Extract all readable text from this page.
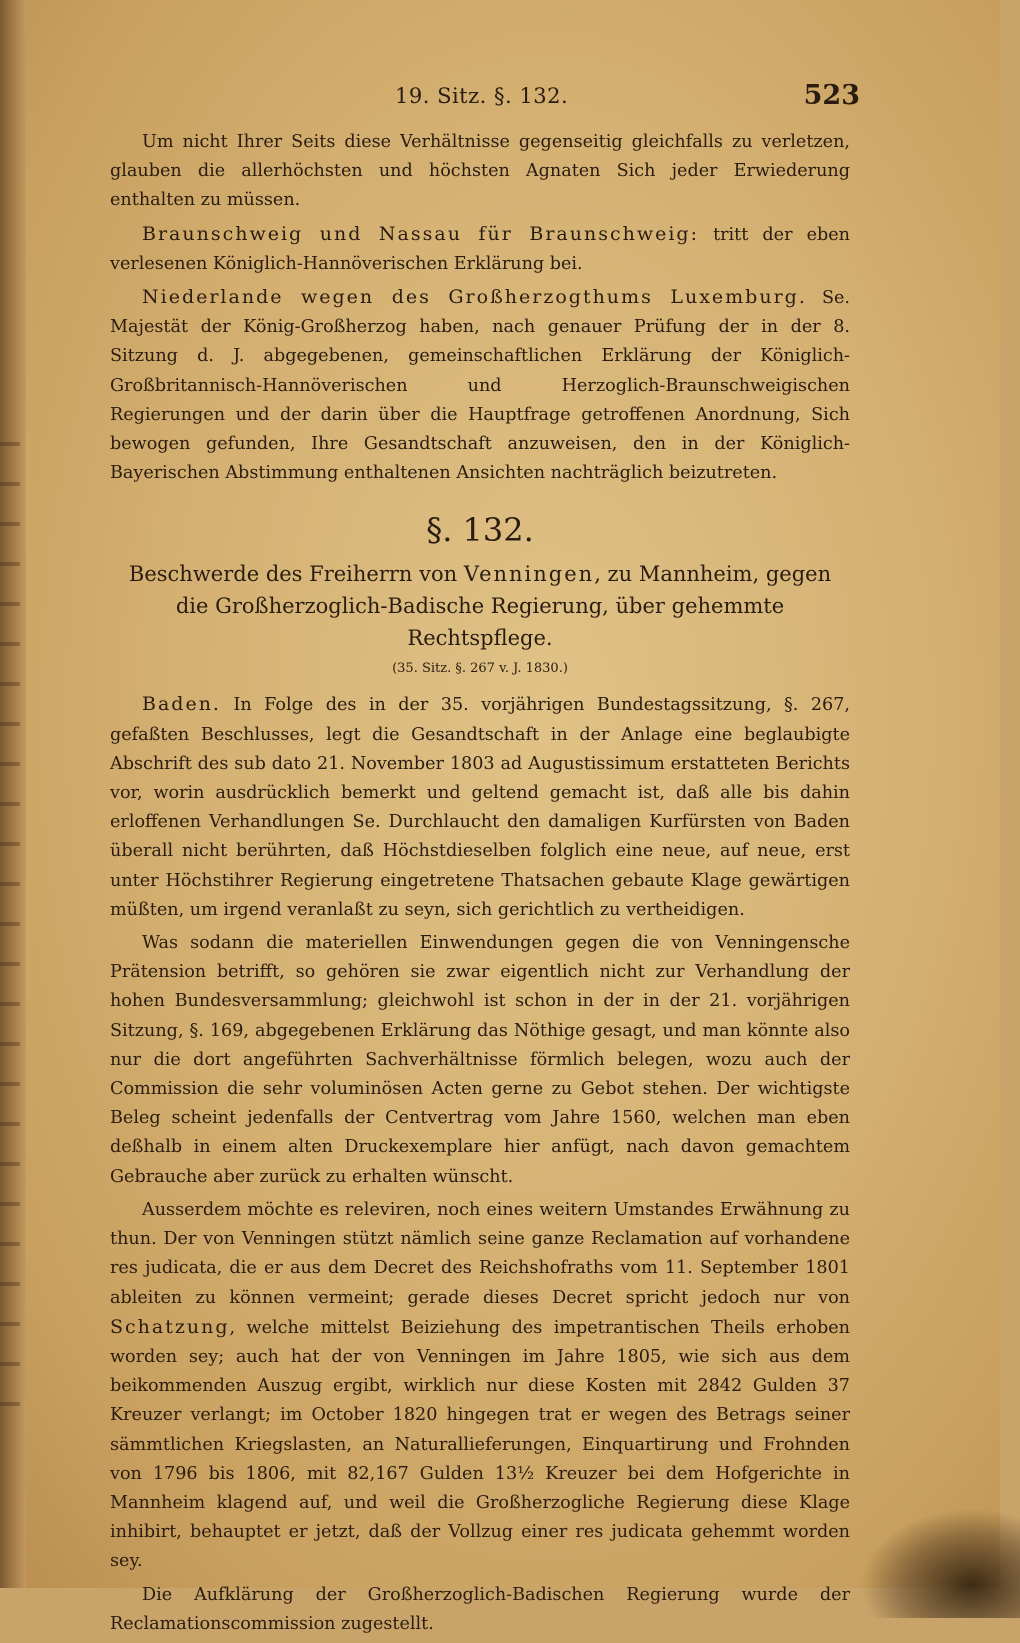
19. Sitz. §. 132.	523

Um nicht Ihrer Seits diese Verhältnisse gegenseitig gleichfalls zu verletzen, glauben die allerhöchsten und höchsten Agnaten Sich jeder Erwiederung enthalten zu müssen.

Braunschweig und Nassau für Braunschweig: tritt der eben verlesenen Königlich-Hannöverischen Erklärung bei.

Niederlande wegen des Großherzogthums Luxemburg. Se. Majestät der König-Großherzog haben, nach genauer Prüfung der in der 8. Sitzung d. J. abgegebenen, gemeinschaftlichen Erklärung der Königlich-Großbritannisch-Hannöverischen und Herzoglich-Braunschweigischen Regierungen und der darin über die Hauptfrage getroffenen Anordnung, Sich bewogen gefunden, Ihre Gesandtschaft anzuweisen, den in der Königlich-Bayerischen Abstimmung enthaltenen Ansichten nachträglich beizutreten.

§. 132.
Beschwerde des Freiherrn von Venningen, zu Mannheim, gegen die Großherzoglich-Badische Regierung, über gehemmte Rechtspflege.
(35. Sitz. §. 267 v. J. 1830.)

Baden. In Folge des in der 35. vorjährigen Bundestagssitzung, §. 267, gefaßten Beschlusses, legt die Gesandtschaft in der Anlage eine beglaubigte Abschrift des sub dato 21. November 1803 ad Augustissimum erstatteten Berichts vor, worin ausdrücklich bemerkt und geltend gemacht ist, daß alle bis dahin erloffenen Verhandlungen Se. Durchlaucht den damaligen Kurfürsten von Baden überall nicht berührten, daß Höchstdieselben folglich eine neue, auf neue, erst unter Höchstihrer Regierung eingetretene Thatsachen gebaute Klage gewärtigen müßten, um irgend veranlaßt zu seyn, sich gerichtlich zu vertheidigen.

Was sodann die materiellen Einwendungen gegen die von Venningensche Prätension betrifft, so gehören sie zwar eigentlich nicht zur Verhandlung der hohen Bundesversammlung; gleichwohl ist schon in der in der 21. vorjährigen Sitzung, §. 169, abgegebenen Erklärung das Nöthige gesagt, und man könnte also nur die dort angeführten Sachverhältnisse förmlich belegen, wozu auch der Commission die sehr voluminösen Acten gerne zu Gebot stehen. Der wichtigste Beleg scheint jedenfalls der Centvertrag vom Jahre 1560, welchen man eben deßhalb in einem alten Druckexemplare hier anfügt, nach davon gemachtem Gebrauche aber zurück zu erhalten wünscht.

Ausserdem möchte es releviren, noch eines weitern Umstandes Erwähnung zu thun. Der von Venningen stützt nämlich seine ganze Reclamation auf vorhandene res judicata, die er aus dem Decret des Reichshofraths vom 11. September 1801 ableiten zu können vermeint; gerade dieses Decret spricht jedoch nur von Schatzung, welche mittelst Beiziehung des impetrantischen Theils erhoben worden sey; auch hat der von Venningen im Jahre 1805, wie sich aus dem beikommenden Auszug ergibt, wirklich nur diese Kosten mit 2842 Gulden 37 Kreuzer verlangt; im October 1820 hingegen trat er wegen des Betrags seiner sämmtlichen Kriegslasten, an Naturallieferungen, Einquartirung und Frohnden von 1796 bis 1806, mit 82,167 Gulden 13½ Kreuzer bei dem Hofgerichte in Mannheim klagend auf, und weil die Großherzogliche Regierung diese Klage inhibirt, behauptet er jetzt, daß der Vollzug einer res judicata gehemmt worden sey.

Die Aufklärung der Großherzoglich-Badischen Regierung wurde der Reclamationscommission zugestellt.
